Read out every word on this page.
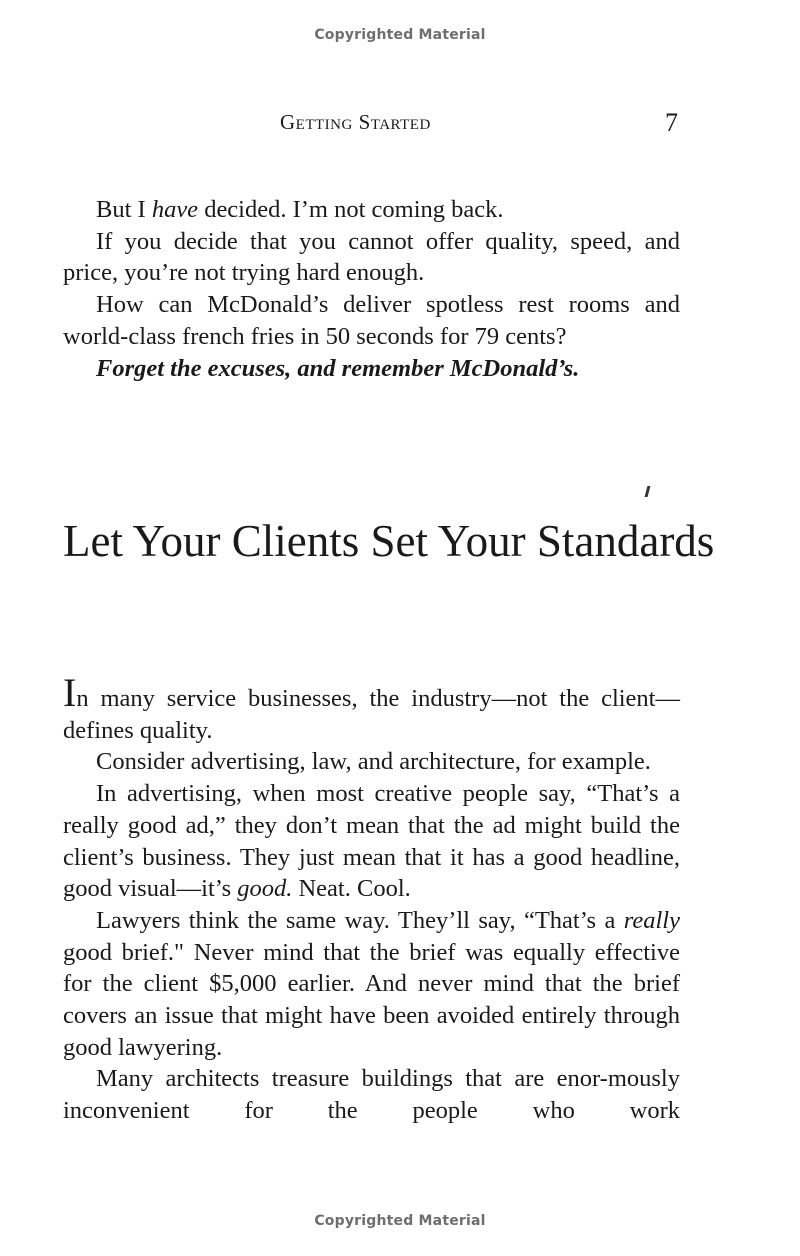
Copyrighted Material
Getting Started	7

But I have decided. I’m not coming back.

If you decide that you cannot offer quality, speed, and price, you’re not trying hard enough.

How can McDonald’s deliver spotless rest rooms and world-class french fries in 50 seconds for 79 cents?

Forget the excuses, and remember McDonald’s.

Let Your Clients Set Your Standards

In many service businesses, the industry—not the client—defines quality.

Consider advertising, law, and architecture, for example.

In advertising, when most creative people say, “That’s a really good ad,” they don’t mean that the ad might build the client’s business. They just mean that it has a good headline, good visual—it’s good. Neat. Cool.

Lawyers think the same way. They’ll say, “That’s a really good brief." Never mind that the brief was equally effective for the client $5,000 earlier. And never mind that the brief covers an issue that might have been avoided entirely through good lawyering.

Many architects treasure buildings that are enor-mously inconvenient for the people who work

Copyrighted Material
